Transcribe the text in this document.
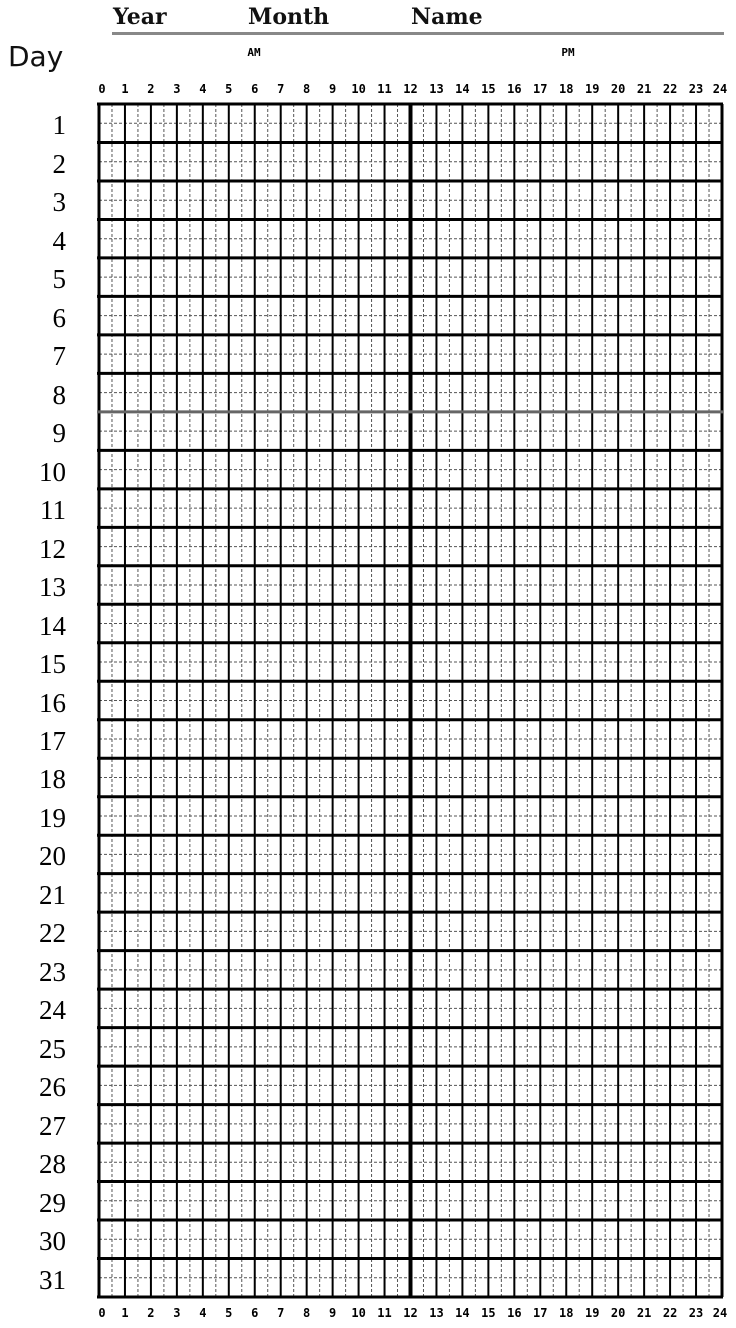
Year	Month	Name
Day	AM	PM
0 1 2 3 4 5 6 7 8 9 10 11 12 13 14 15 16 17 18 19 20 21 22 23 24
0 1 2 3 4 5 6 7 8 9 10 11 12 13 14 15 16 17 18 19 20 21 22 23 24
1
2
3
4
5
6
7
8
9
10
11
12
13
14
15
16
17
18
19
20
21
22
23
24
25
26
27
28
29
30
31
